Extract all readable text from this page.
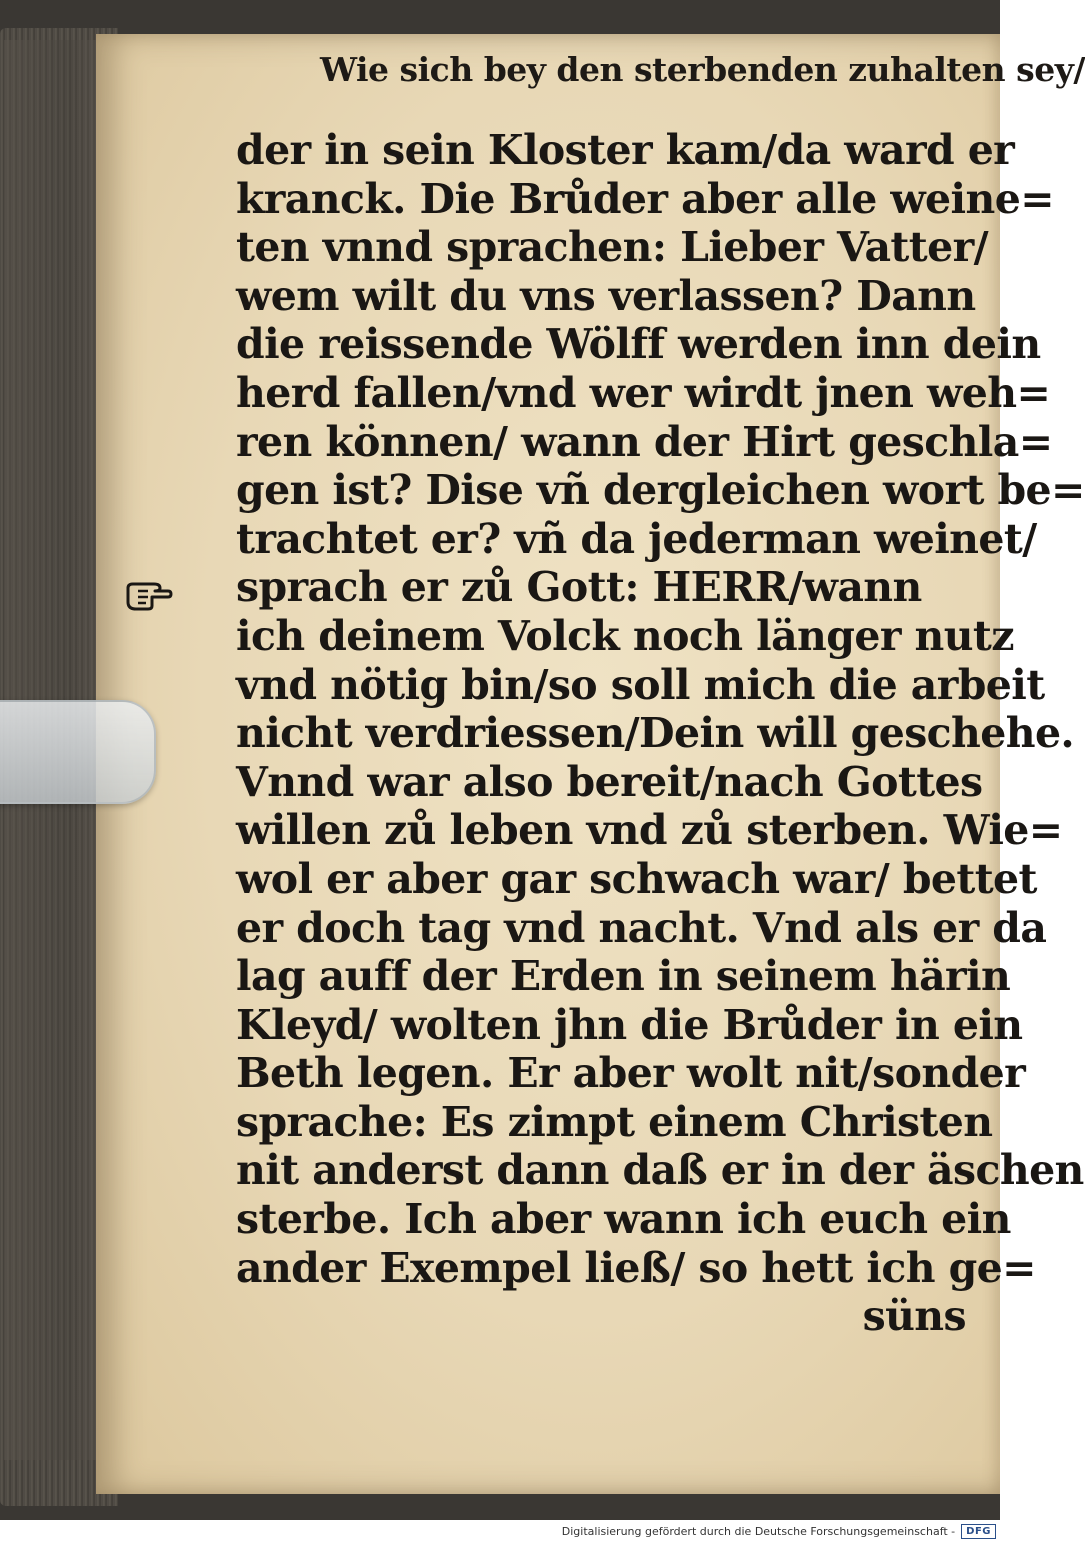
Wie sich bey den sterbenden zuhalten sey/
der in sein Kloster kam/da ward er
kranck. Die Brůder aber alle weine=
ten vnnd sprachen: Lieber Vatter/
wem wilt du vns verlassen? Dann
die reissende Wölff werden inn dein
herd fallen/vnd wer wirdt jnen weh=
ren können/ wann der Hirt geschla=
gen ist? Dise vñ dergleichen wort be=
trachtet er? vñ da jederman weinet/
sprach er zů Gott: HERR/wann
ich deinem Volck noch länger nutz
vnd nötig bin/so soll mich die arbeit
nicht verdriessen/Dein will geschehe.
Vnnd war also bereit/nach Gottes
willen zů leben vnd zů sterben. Wie=
wol er aber gar schwach war/ bettet
er doch tag vnd nacht. Vnd als er da
lag auff der Erden in seinem härin
Kleyd/ wolten jhn die Brůder in ein
Beth legen. Er aber wolt nit/sonder
sprache: Es zimpt einem Christen
nit anderst dann daß er in der äschen
sterbe. Ich aber wann ich euch ein
ander Exempel ließ/ so hett ich ge=
süns
Digitalisierung gefördert durch die Deutsche Forschungsgemeinschaft -	DFG
